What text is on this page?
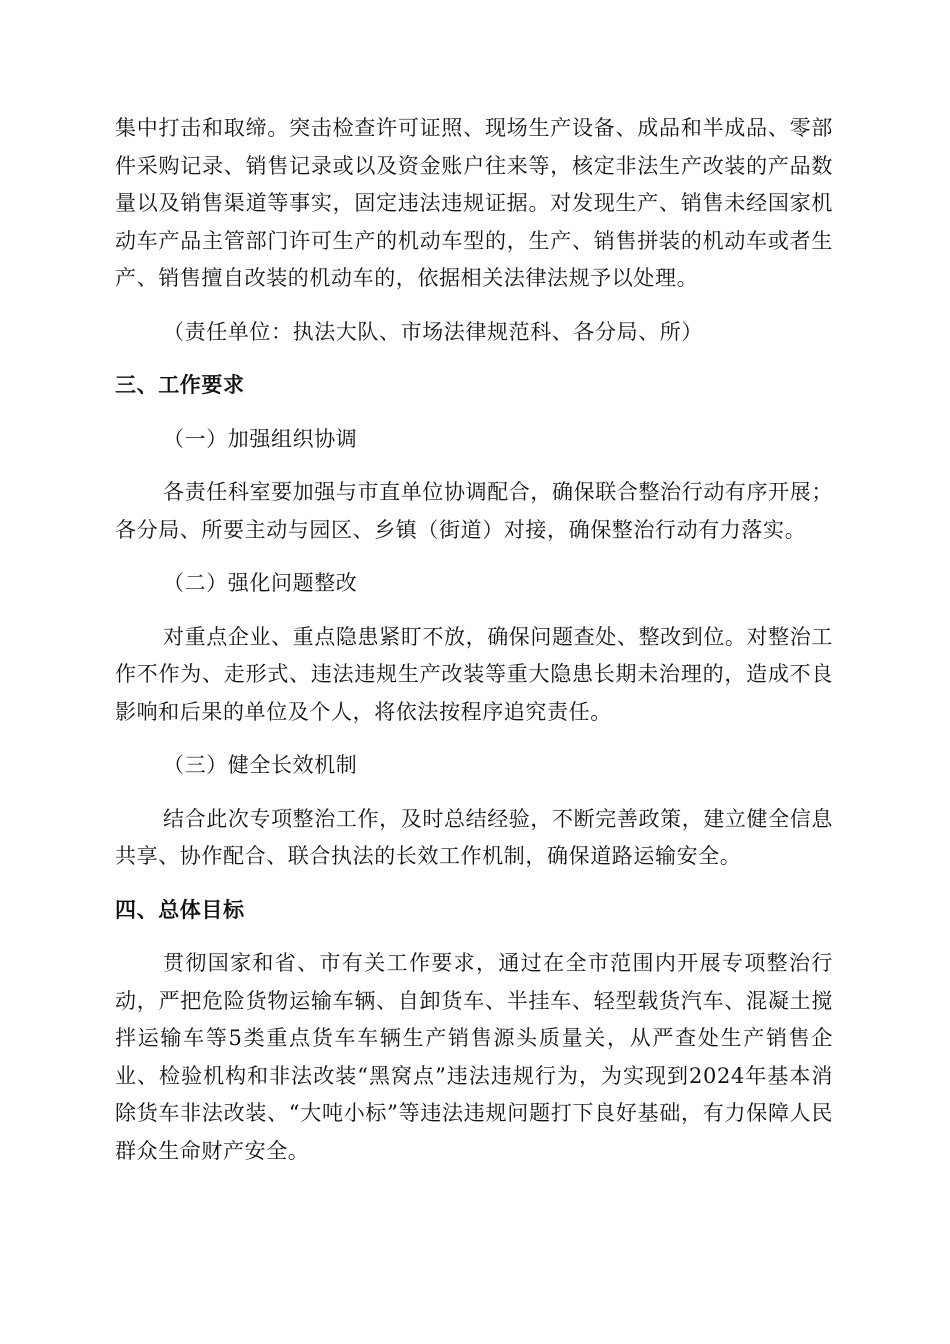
集中打击和取缔。突击检查许可证照、现场生产设备、成品和半成品、零部件采购记录、销售记录或以及资金账户往来等，核定非法生产改装的产品数量以及销售渠道等事实，固定违法违规证据。对发现生产、销售未经国家机动车产品主管部门许可生产的机动车型的，生产、销售拼装的机动车或者生产、销售擅自改装的机动车的，依据相关法律法规予以处理。

（责任单位：执法大队、市场法律规范科、各分局、所）

三、工作要求

（一）加强组织协调

各责任科室要加强与市直单位协调配合，确保联合整治行动有序开展；各分局、所要主动与园区、乡镇（街道）对接，确保整治行动有力落实。

（二）强化问题整改

对重点企业、重点隐患紧盯不放，确保问题查处、整改到位。对整治工作不作为、走形式、违法违规生产改装等重大隐患长期未治理的，造成不良影响和后果的单位及个人，将依法按程序追究责任。

（三）健全长效机制

结合此次专项整治工作，及时总结经验，不断完善政策，建立健全信息共享、协作配合、联合执法的长效工作机制，确保道路运输安全。

四、总体目标

贯彻国家和省、市有关工作要求，通过在全市范围内开展专项整治行动，严把危险货物运输车辆、自卸货车、半挂车、轻型载货汽车、混凝土搅拌运输车等5类重点货车车辆生产销售源头质量关，从严查处生产销售企业、检验机构和非法改装“黑窝点”违法违规行为，为实现到2024年基本消除货车非法改装、“大吨小标”等违法违规问题打下良好基础，有力保障人民群众生命财产安全。
